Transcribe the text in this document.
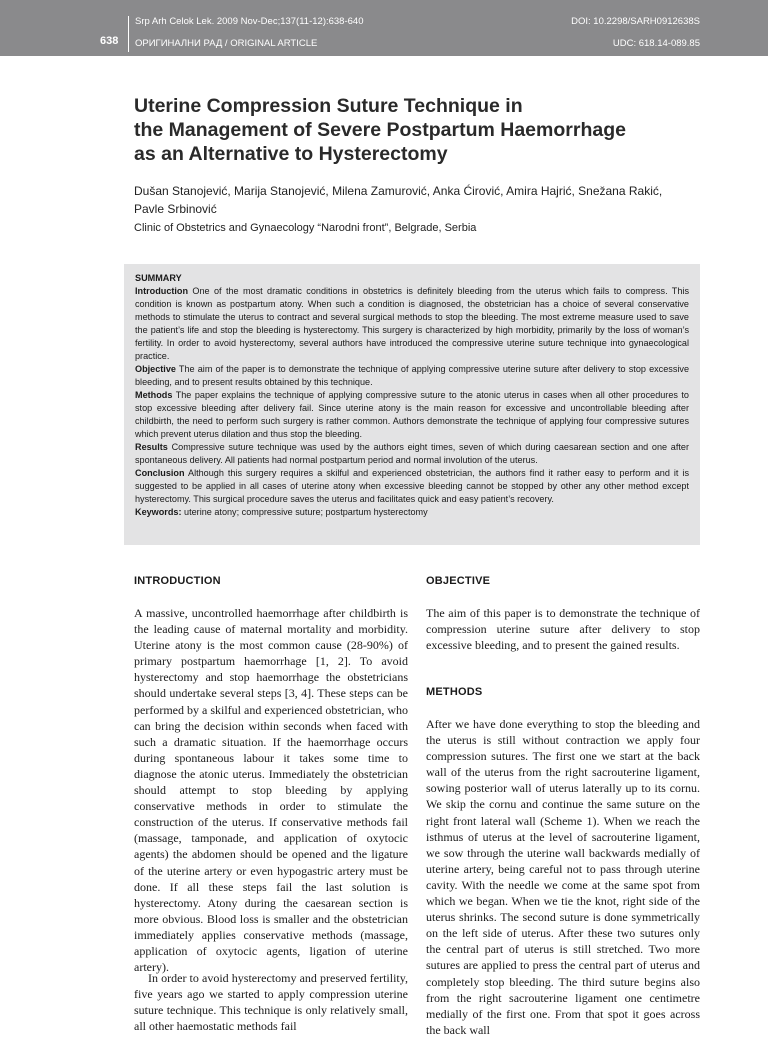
638
Srp Arh Celok Lek. 2009 Nov-Dec;137(11-12):638-640
ОРИГИНАЛНИ РАД / ORIGINAL ARTICLE
DOI: 10.2298/SARH0912638S
UDC: 618.14-089.85
Uterine Compression Suture Technique in
the Management of Severe Postpartum Haemorrhage
as an Alternative to Hysterectomy
Dušan Stanojević, Marija Stanojević, Milena Zamurović, Anka Ćirović, Amira Hajrić, Snežana Rakić, Pavle Srbinović
Clinic of Obstetrics and Gynaecology “Narodni front”, Belgrade, Serbia
SUMMARY

Introduction One of the most dramatic conditions in obstetrics is definitely bleeding from the uterus which fails to compress. This condition is known as postpartum atony. When such a condition is diagnosed, the obstetrician has a choice of several conservative methods to stimulate the uterus to contract and several surgical methods to stop the bleeding. The most extreme measure used to save the patient’s life and stop the bleeding is hysterectomy. This surgery is characterized by high morbidity, primarily by the loss of woman’s fertility. In order to avoid hysterectomy, several authors have introduced the compressive uterine suture technique into gynaecological practice.

Objective The aim of the paper is to demonstrate the technique of applying compressive uterine suture after delivery to stop excessive bleeding, and to present results obtained by this technique.

Methods The paper explains the technique of applying compressive suture to the atonic uterus in cases when all other procedures to stop excessive bleeding after delivery fail. Since uterine atony is the main reason for excessive and uncontrollable bleeding after childbirth, the need to perform such surgery is rather common. Authors demonstrate the technique of applying four compressive sutures which prevent uterus dilation and thus stop the bleeding.

Results Compressive suture technique was used by the authors eight times, seven of which during caesarean section and one after spontaneous delivery. All patients had normal postpartum period and normal involution of the uterus.

Conclusion Although this surgery requires a skilful and experienced obstetrician, the authors find it rather easy to perform and it is suggested to be applied in all cases of uterine atony when excessive bleeding cannot be stopped by other any other method except hysterectomy. This surgical procedure saves the uterus and facilitates quick and easy patient’s recovery.

Keywords: uterine atony; compressive suture; postpartum hysterectomy

INTRODUCTION

A massive, uncontrolled haemorrhage after childbirth is the leading cause of maternal mortality and morbidity. Uterine atony is the most common cause (28-90%) of primary postpartum haemorrhage [1, 2]. To avoid hysterectomy and stop haemorrhage the obstetricians should undertake several steps [3, 4]. These steps can be performed by a skilful and experienced obstetrician, who can bring the decision within seconds when faced with such a dramatic situation. If the haemorrhage occurs during spontaneous labour it takes some time to diagnose the atonic uterus. Immediately the obstetrician should attempt to stop bleeding by applying conservative methods in order to stimulate the construction of the uterus. If conservative methods fail (massage, tamponade, and application of oxytocic agents) the abdomen should be opened and the ligature of the uterine artery or even hypogastric artery must be done. If all these steps fail the last solution is hysterectomy. Atony during the caesarean section is more obvious. Blood loss is smaller and the obstetrician immediately applies conservative methods (massage, application of oxytocic agents, ligation of uterine artery).

In order to avoid hysterectomy and preserved fertility, five years ago we started to apply compression uterine suture technique. This technique is only relatively small, all other haemostatic methods fail

OBJECTIVE

The aim of this paper is to demonstrate the technique of compression uterine suture after delivery to stop excessive bleeding, and to present the gained results.

METHODS

After we have done everything to stop the bleeding and the uterus is still without contraction we apply four compression sutures. The first one we start at the back wall of the uterus from the right sacrouterine ligament, sowing posterior wall of uterus laterally up to its cornu. We skip the cornu and continue the same suture on the right front lateral wall (Scheme 1). When we reach the isthmus of uterus at the level of sacrouterine ligament, we sow through the uterine wall backwards medially of uterine artery, being careful not to pass through uterine cavity. With the needle we come at the same spot from which we began. When we tie the knot, right side of the uterus shrinks. The second suture is done symmetrically on the left side of uterus. After these two sutures only the central part of uterus is still stretched. Two more sutures are applied to press the central part of uterus and completely stop bleeding. The third suture begins also from the right sacrouterine ligament one centimetre medially of the first one. From that spot it goes across the back wall
